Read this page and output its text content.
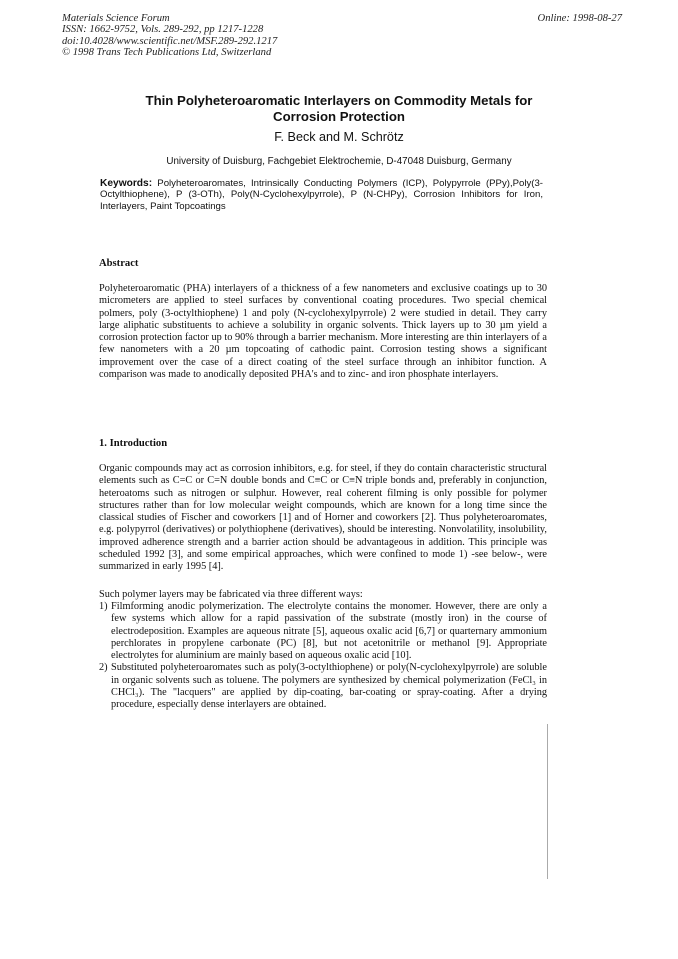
Materials Science Forum
ISSN: 1662-9752, Vols. 289-292, pp 1217-1228
doi:10.4028/www.scientific.net/MSF.289-292.1217
© 1998 Trans Tech Publications Ltd, Switzerland
Online: 1998-08-27
Thin Polyheteroaromatic Interlayers on Commodity Metals for
Corrosion Protection
F. Beck and M. Schrötz
University of Duisburg, Fachgebiet Elektrochemie, D-47048 Duisburg, Germany
Keywords: Polyheteroaromates, Intrinsically Conducting Polymers (ICP), Polypyrrole (PPy),Poly(3-Octylthiophene), P (3-OTh), Poly(N-Cyclohexylpyrrole), P (N-CHPy), Corrosion Inhibitors for Iron, Interlayers, Paint Topcoatings
Abstract

Polyheteroaromatic (PHA) interlayers of a thickness of a few nanometers and exclusive coatings up to 30 micrometers are applied to steel surfaces by conventional coating procedures. Two special chemical polmers, poly (3-octylthiophene) 1 and poly (N-cyclohexylpyrrole) 2 were studied in detail. They carry large aliphatic substituents to achieve a solubility in organic solvents. Thick layers up to 30 µm yield a corrosion protection factor up to 90% through a barrier mechanism. More interesting are thin interlayers of a few nanometers with a 20 µm topcoating of cathodic paint. Corrosion testing shows a significant improvement over the case of a direct coating of the steel surface through an inhibitor function. A comparison was made to anodically deposited PHA's and to zinc- and iron phosphate interlayers.

1. Introduction

Organic compounds may act as corrosion inhibitors, e.g. for steel, if they do contain characteristic structural elements such as C=C or C=N double bonds and C≡C or C≡N triple bonds and, preferably in conjunction, heteroatoms such as nitrogen or sulphur. However, real coherent filming is only possible for polymer structures rather than for low molecular weight compounds, which are known for a long time since the classical studies of Fischer and coworkers [1] and of Horner and coworkers [2]. Thus polyheteroaromates, e.g. polypyrrol (derivatives) or polythiophene (derivatives), should be interesting. Nonvolatility, insolubility, improved adherence strength and a barrier action should be advantageous in addition. This principle was scheduled 1992 [3], and some empirical approaches, which were confined to mode 1) -see below-, were summarized in early 1995 [4].

Such polymer layers may be fabricated via three different ways:

1) Filmforming anodic polymerization. The electrolyte contains the monomer. However, there are only a few systems which allow for a rapid passivation of the substrate (mostly iron) in the course of electrodeposition. Examples are aqueous nitrate [5], aqueous oxalic acid [6,7] or quarternary ammonium perchlorates in propylene carbonate (PC) [8], but not acetonitrile or methanol [9]. Appropriate electrolytes for aluminium are mainly based on aqueous oxalic acid [10].
2) Substituted polyheteroaromates such as poly(3-octylthiophene) or poly(N-cyclohexylpyrrole) are soluble in organic solvents such as toluene. The polymers are synthesized by chemical polymerization (FeCl₃ in CHCl₃). The "lacquers" are applied by dip-coating, bar-coating or spray-coating. After a drying procedure, especially dense interlayers are obtained.
